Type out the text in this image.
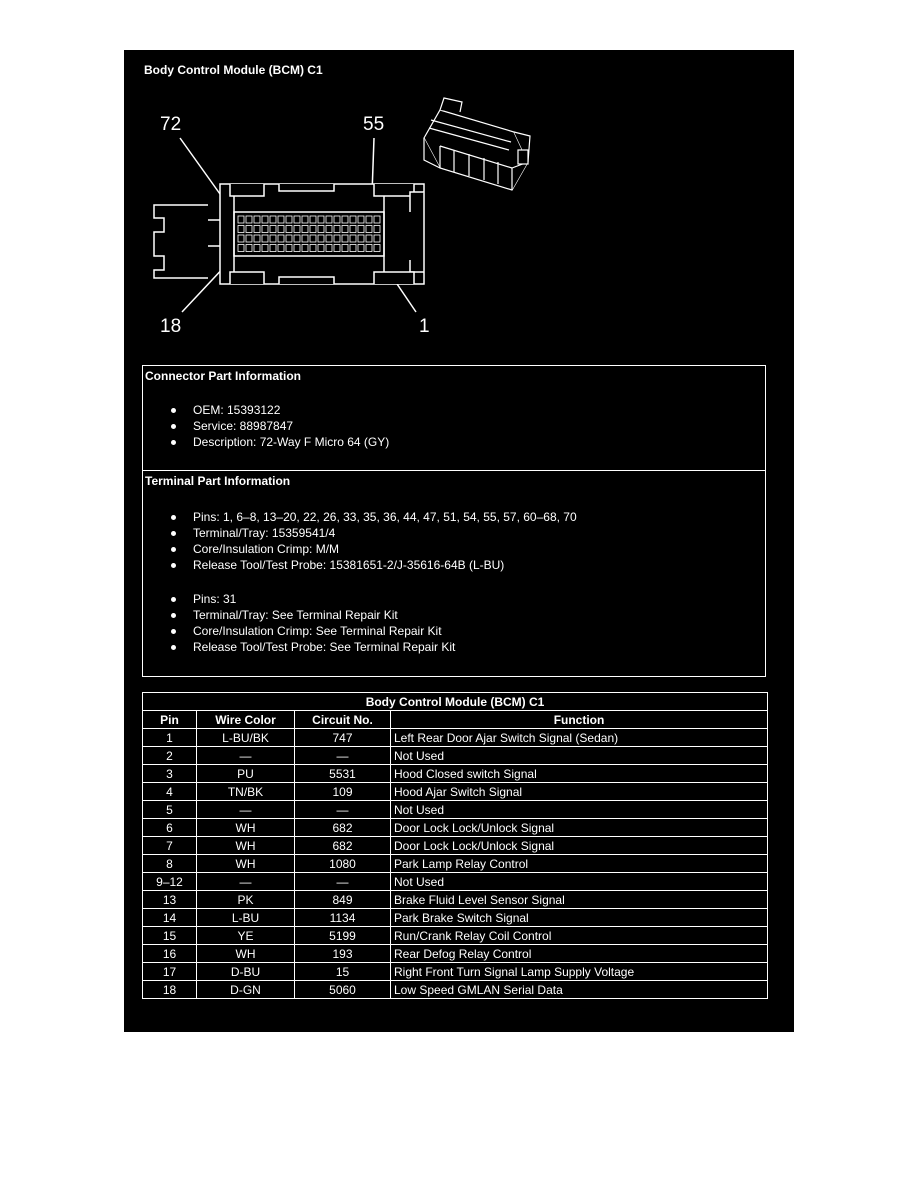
Body Control Module (BCM) C1
72	55
18	1
Connector Part Information
OEM: 15393122
Service: 88987847
Description: 72-Way F Micro 64 (GY)
Terminal Part Information
Pins: 1, 6–8, 13–20, 22, 26, 33, 35, 36, 44, 47, 51, 54, 55, 57, 60–68, 70
Terminal/Tray: 15359541/4
Core/Insulation Crimp: M/M
Release Tool/Test Probe: 15381651-2/J-35616-64B (L-BU)
Pins: 31
Terminal/Tray: See Terminal Repair Kit
Core/Insulation Crimp: See Terminal Repair Kit
Release Tool/Test Probe: See Terminal Repair Kit
Body Control Module (BCM) C1			
Pin	Wire Color	Circuit No.	Function
1	L-BU/BK	747	Left Rear Door Ajar Switch Signal (Sedan)
2	—	—	Not Used
3	PU	5531	Hood Closed switch Signal
4	TN/BK	109	Hood Ajar Switch Signal
5	—	—	Not Used
6	WH	682	Door Lock Lock/Unlock Signal
7	WH	682	Door Lock Lock/Unlock Signal
8	WH	1080	Park Lamp Relay Control
9–12	—	—	Not Used
13	PK	849	Brake Fluid Level Sensor Signal
14	L-BU	1134	Park Brake Switch Signal
15	YE	5199	Run/Crank Relay Coil Control
16	WH	193	Rear Defog Relay Control
17	D-BU	15	Right Front Turn Signal Lamp Supply Voltage
18	D-GN	5060	Low Speed GMLAN Serial Data
